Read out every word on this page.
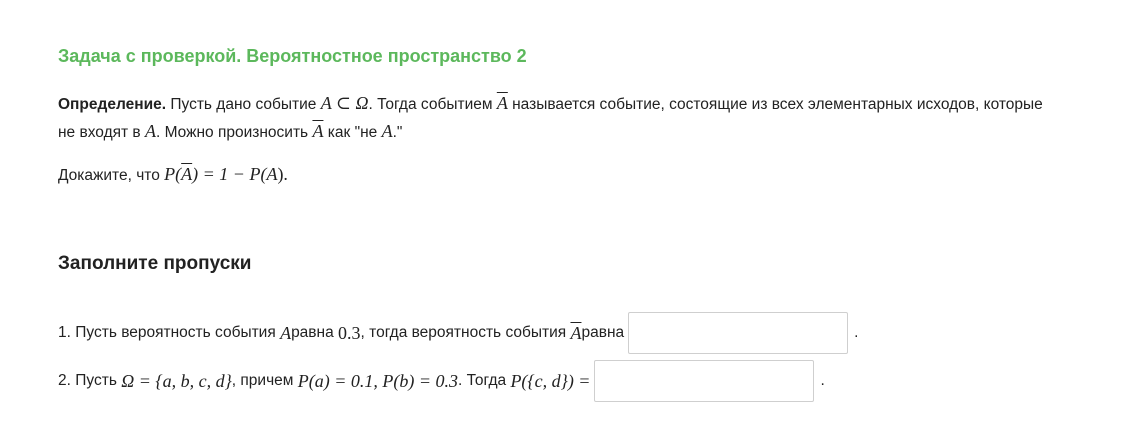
Задача с проверкой. Вероятностное пространство 2

Определение. Пусть дано событие A ⊂ Ω. Тогда событием $\overline{A}$ называется событие, состоящие из всех элементарных исходов, которые не входят в A. Можно произносить $\overline{A}$ как "не A."

Докажите, что $P(\overline{A}) = 1 - P(A)$.

Заполните пропуски
1.
Пусть вероятность события
A равна
0.3 , тогда вероятность события
$\overline{A}$ равна	.
2.
Пусть
Ω = {a, b, c, d} , причем
P(a) = 0.1, P(b) = 0.3 . Тогда
P({c, d}) =	.
